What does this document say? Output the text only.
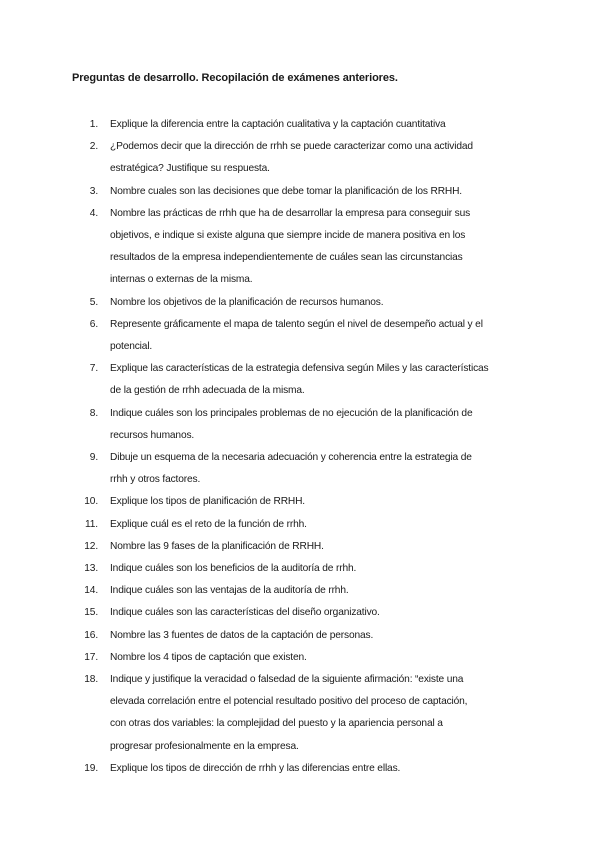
Preguntas de desarrollo. Recopilación de exámenes anteriores.
1. Explique la diferencia entre la captación cualitativa y la captación cuantitativa
2. ¿Podemos decir que la dirección de rrhh se puede caracterizar como una actividad
estratégica? Justifique su respuesta.
3. Nombre cuales son las decisiones que debe tomar la planificación de los RRHH.
4. Nombre las prácticas de rrhh que ha de desarrollar la empresa para conseguir sus
objetivos, e indique si existe alguna que siempre incide de manera positiva en los
resultados de la empresa independientemente de cuáles sean las circunstancias
internas o externas de la misma.
5. Nombre los objetivos de la planificación de recursos humanos.
6. Represente gráficamente el mapa de talento según el nivel de desempeño actual y el
potencial.
7. Explique las características de la estrategia defensiva según Miles y las características
de la gestión de rrhh adecuada de la misma.
8. Indique cuáles son los principales problemas de no ejecución de la planificación de
recursos humanos.
9. Dibuje un esquema de la necesaria adecuación y coherencia entre la estrategia de
rrhh y otros factores.
10. Explique los tipos de planificación de RRHH.
11. Explique cuál es el reto de la función de rrhh.
12. Nombre las 9 fases de la planificación de RRHH.
13. Indique cuáles son los beneficios de la auditoría de rrhh.
14. Indique cuáles son las ventajas de la auditoría de rrhh.
15. Indique cuáles son las características del diseño organizativo.
16. Nombre las 3 fuentes de datos de la captación de personas.
17. Nombre los 4 tipos de captación que existen.
18. Indique y justifique la veracidad o falsedad de la siguiente afirmación: “existe una
elevada correlación entre el potencial resultado positivo del proceso de captación,
con otras dos variables: la complejidad del puesto y la apariencia personal a
progresar profesionalmente en la empresa.
19. Explique los tipos de dirección de rrhh y las diferencias entre ellas.
